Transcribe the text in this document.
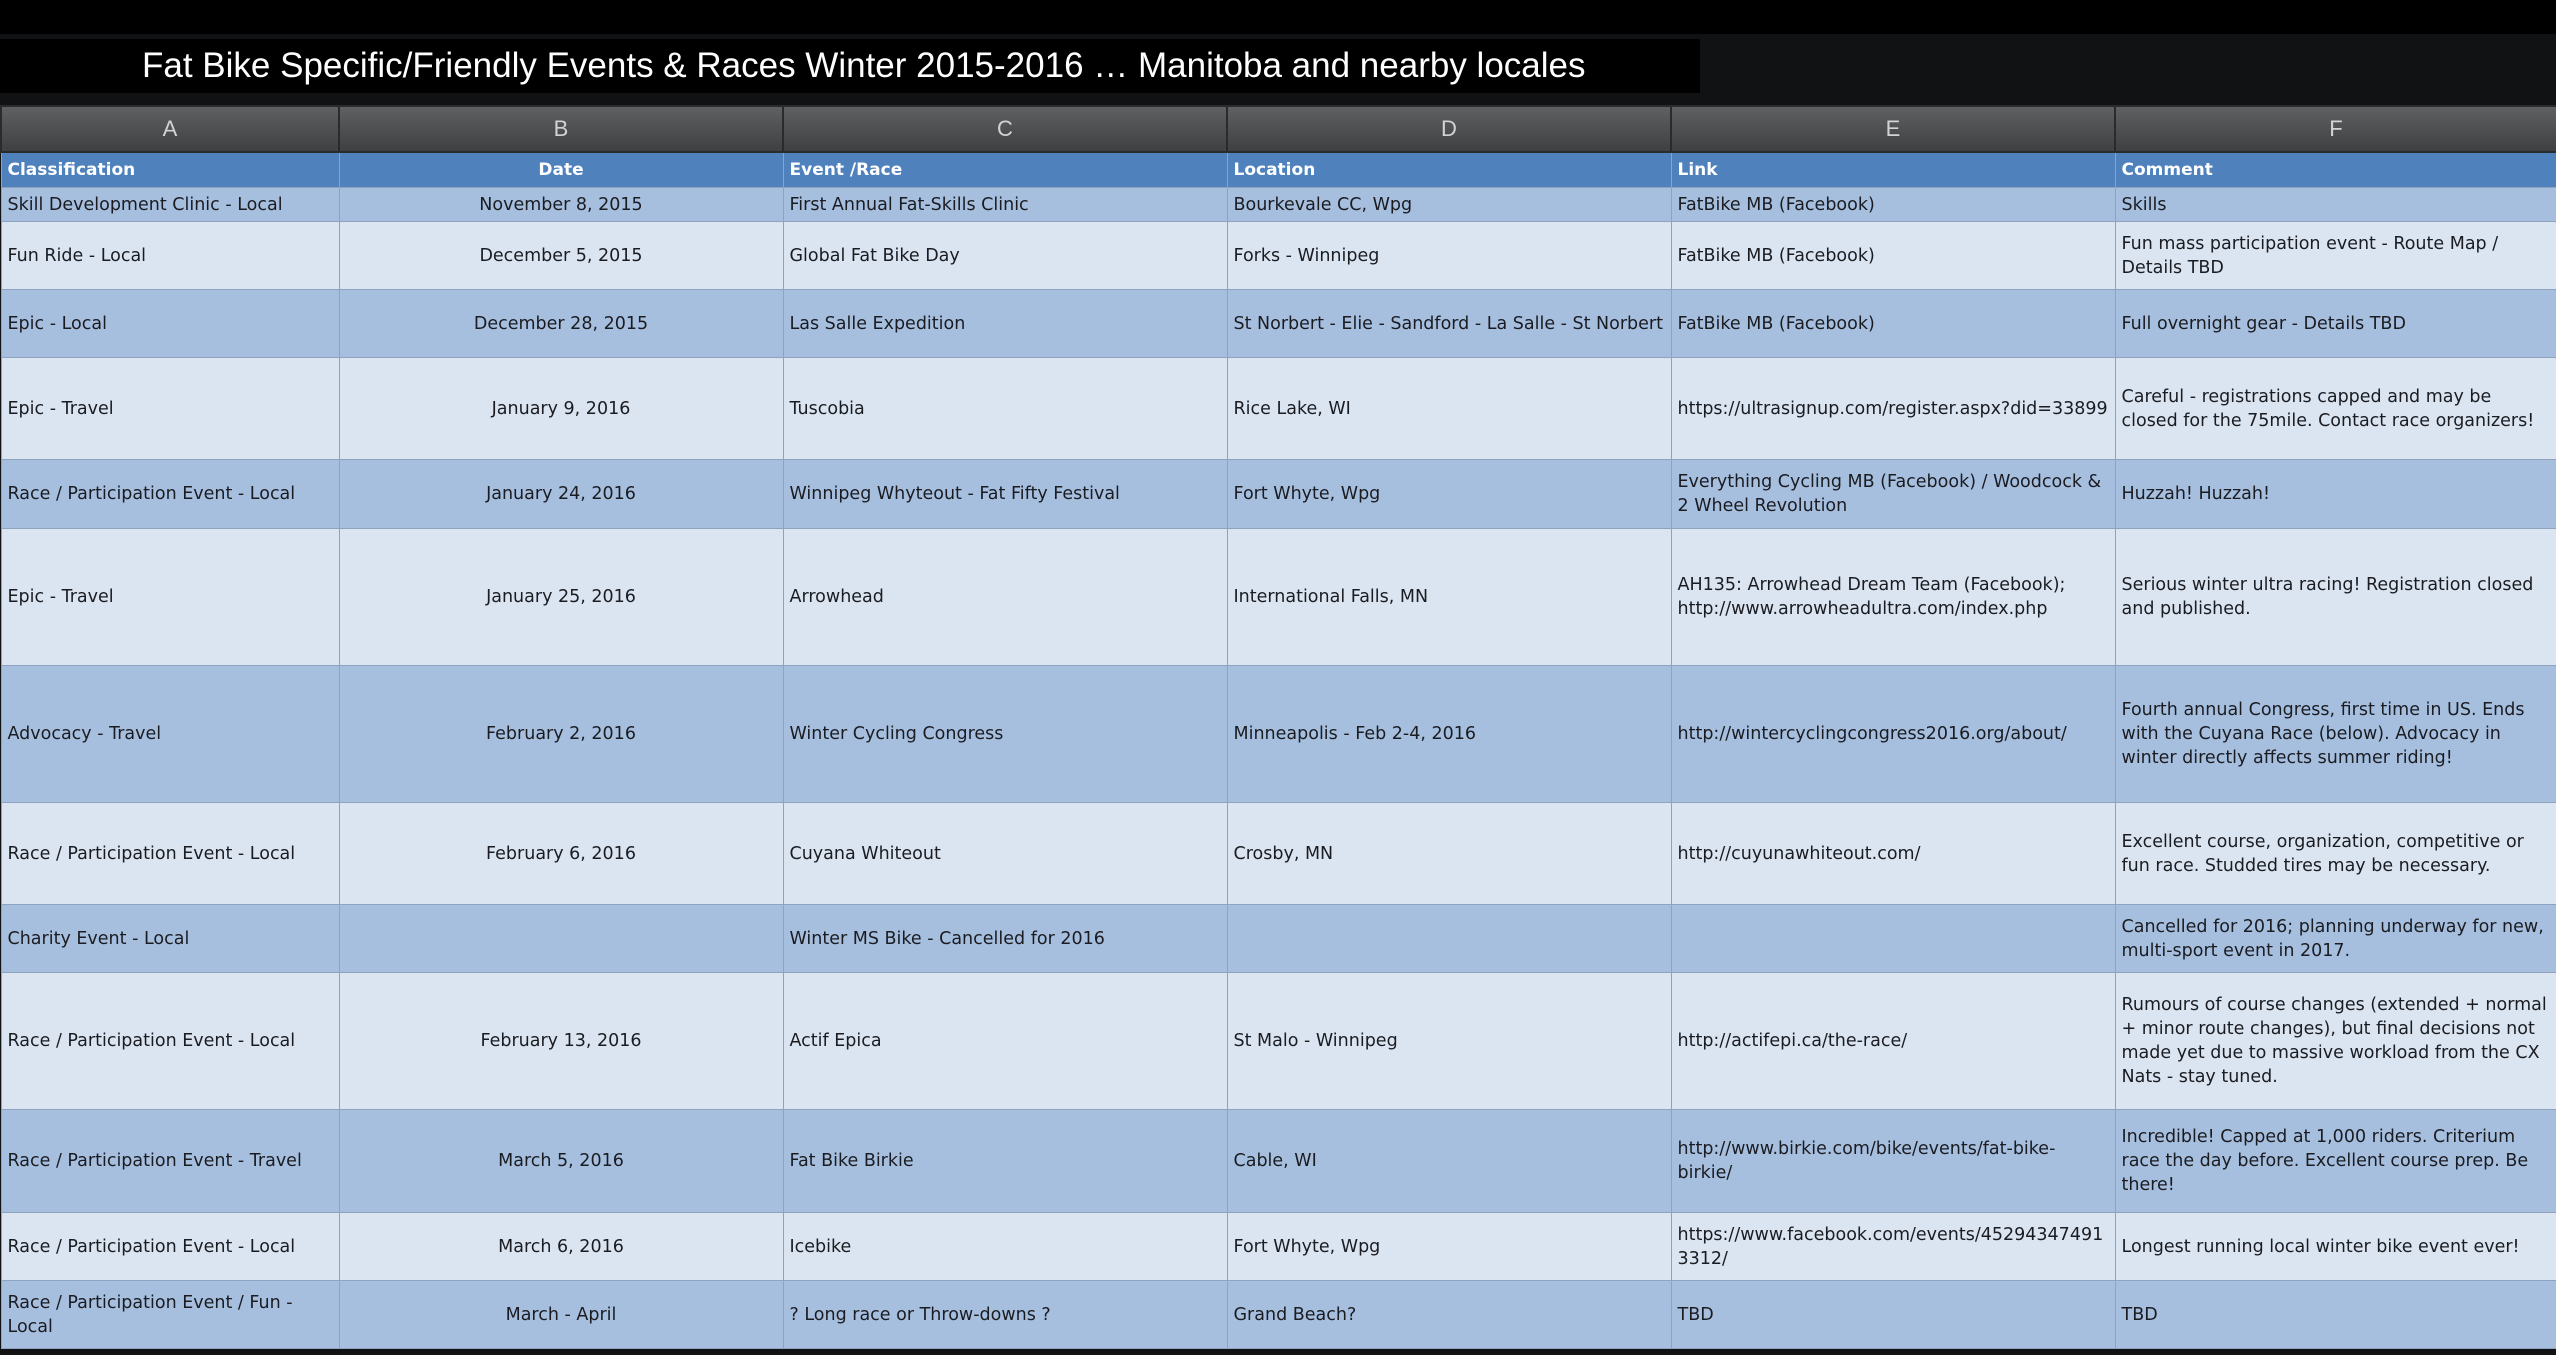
Fat Bike Specific/Friendly Events & Races Winter 2015-2016 … Manitoba and nearby locales
A	B	C	D	E	F
Classification	Date	Event /Race	Location	Link	Comment
Skill Development Clinic - Local	November 8, 2015	First Annual Fat-Skills Clinic	Bourkevale CC, Wpg	FatBike MB (Facebook)	Skills
Fun Ride - Local	December 5, 2015	Global Fat Bike Day	Forks - Winnipeg	FatBike MB (Facebook)	Fun mass participation event - Route Map / Details TBD
Epic - Local	December 28, 2015	Las Salle Expedition	St Norbert - Elie - Sandford - La Salle - St Norbert	FatBike MB (Facebook)	Full overnight gear - Details TBD
Epic - Travel	January 9, 2016	Tuscobia	Rice Lake, WI	https://ultrasignup.com/register.aspx?did=33899	Careful - registrations capped and may be closed for the 75mile. Contact race organizers!
Race / Participation Event - Local	January 24, 2016	Winnipeg Whyteout - Fat Fifty Festival	Fort Whyte, Wpg	Everything Cycling MB (Facebook) / Woodcock & 2 Wheel Revolution	Huzzah! Huzzah!
Epic - Travel	January 25, 2016	Arrowhead	International Falls, MN	AH135: Arrowhead Dream Team (Facebook); http://www.arrowheadultra.com/index.php	Serious winter ultra racing! Registration closed and published.
Advocacy - Travel	February 2, 2016	Winter Cycling Congress	Minneapolis - Feb 2-4, 2016	http://wintercyclingcongress2016.org/about/	Fourth annual Congress, first time in US. Ends with the Cuyana Race (below). Advocacy in winter directly affects summer riding!
Race / Participation Event - Local	February 6, 2016	Cuyana Whiteout	Crosby, MN	http://cuyunawhiteout.com/	Excellent course, organization, competitive or fun race. Studded tires may be necessary.
Charity Event - Local		Winter MS Bike - Cancelled for 2016			Cancelled for 2016; planning underway for new, multi-sport event in 2017.
Race / Participation Event - Local	February 13, 2016	Actif Epica	St Malo - Winnipeg	http://actifepi.ca/the-race/	Rumours of course changes (extended + normal + minor route changes), but final decisions not made yet due to massive workload from the CX Nats - stay tuned.
Race / Participation Event - Travel	March 5, 2016	Fat Bike Birkie	Cable, WI	http://www.birkie.com/bike/events/fat-bike-birkie/	Incredible! Capped at 1,000 riders. Criterium race the day before. Excellent course prep. Be there!
Race / Participation Event - Local	March 6, 2016	Icebike	Fort Whyte, Wpg	https://www.facebook.com/events/452943474913312/	Longest running local winter bike event ever!
Race / Participation Event / Fun - Local	March - April	? Long race or Throw-downs ?	Grand Beach?	TBD	TBD
